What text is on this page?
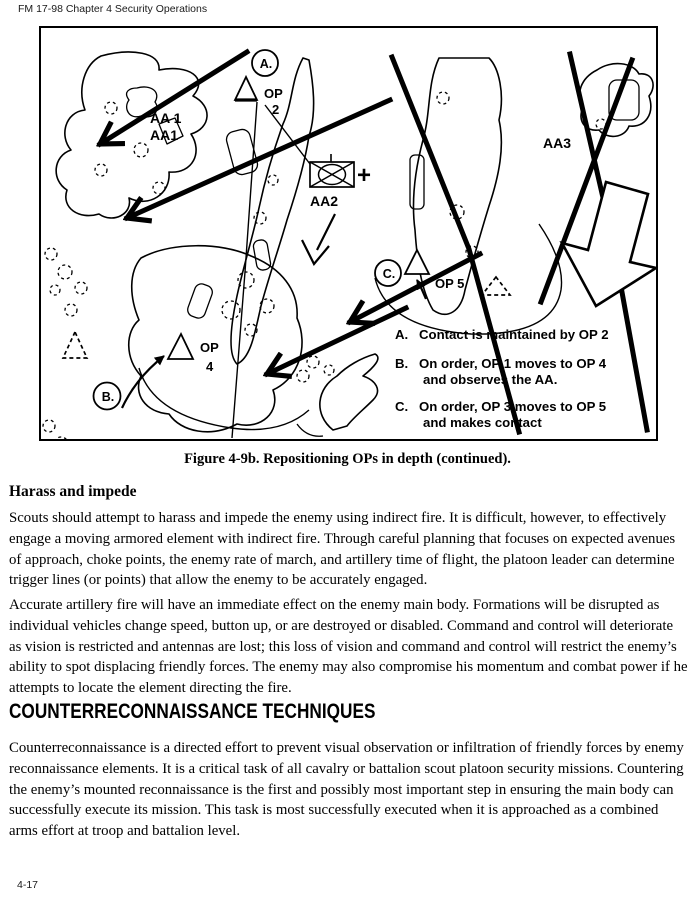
FM 17-98 Chapter 4 Security Operations
A.
OP
2
B.
OP
4
C.
OP 5
+
AA 1
AA1
AA2
AA3
A. Contact is maintained by OP 2
B. On order, OP 1 moves to OP 4
and observes the AA.
C. On order, OP 3 moves to OP 5
and makes contact
Figure 4-9b. Repositioning OPs in depth (continued).
Harass and impede
Scouts should attempt to harass and impede the enemy using indirect fire. It is difficult, however, to effectively engage a moving armored element with indirect fire. Through careful planning that focuses on expected avenues of approach, choke points, the enemy rate of march, and artillery time of flight, the platoon leader can determine trigger lines (or points) that allow the enemy to be accurately engaged.
Accurate artillery fire will have an immediate effect on the enemy main body. Formations will be disrupted as individual vehicles change speed, button up, or are destroyed or disabled. Command and control will deteriorate as vision is restricted and antennas are lost; this loss of vision and command and control will restrict the enemy’s ability to spot displacing friendly forces. The enemy may also compromise his momentum and combat power if he attempts to locate the element directing the fire.
COUNTERRECONNAISSANCE TECHNIQUES
Counterreconnaissance is a directed effort to prevent visual observation or infiltration of friendly forces by enemy reconnaissance elements. It is a critical task of all cavalry or battalion scout platoon security missions. Countering the enemy’s mounted reconnaissance is the first and possibly most important step in ensuring the main body can successfully execute its mission. This task is most successfully executed when it is approached as a combined arms effort at troop and battalion level.
4-17
